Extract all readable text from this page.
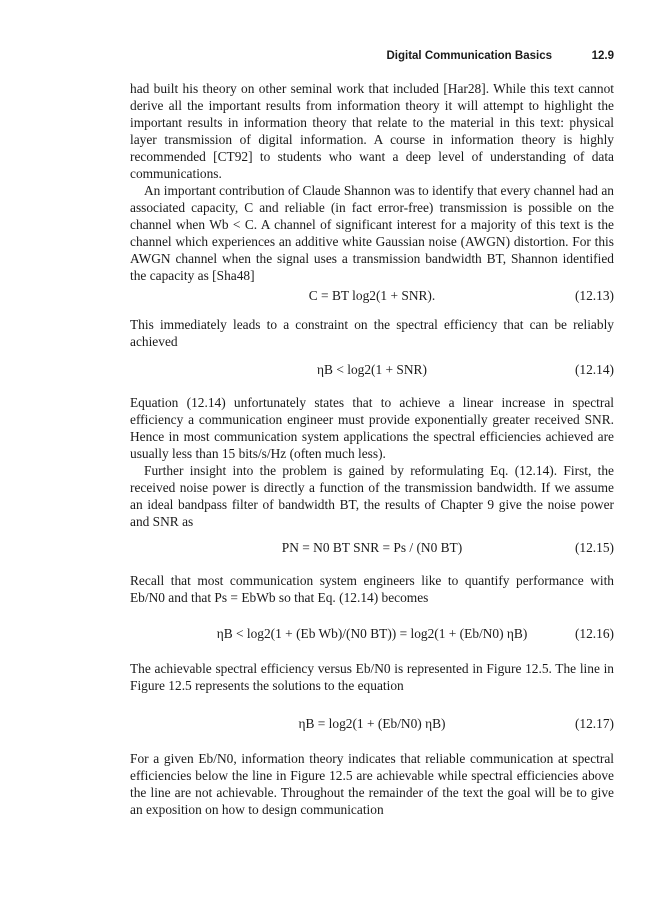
Digital Communication Basics	12.9
had built his theory on other seminal work that included [Har28]. While this text cannot derive all the important results from information theory it will attempt to highlight the important results in information theory that relate to the material in this text: physical layer transmission of digital information. A course in information theory is highly recommended [CT92] to students who want a deep level of understanding of data communications.
An important contribution of Claude Shannon was to identify that every channel had an associated capacity, C and reliable (in fact error-free) transmission is possible on the channel when Wb < C. A channel of significant interest for a majority of this text is the channel which experiences an additive white Gaussian noise (AWGN) distortion. For this AWGN channel when the signal uses a transmission bandwidth BT, Shannon identified the capacity as [Sha48]
C = BT log2(1 + SNR).	(12.13)
This immediately leads to a constraint on the spectral efficiency that can be reliably achieved
ηB < log2(1 + SNR)	(12.14)
Equation (12.14) unfortunately states that to achieve a linear increase in spectral efficiency a communication engineer must provide exponentially greater received SNR. Hence in most communication system applications the spectral efficiencies achieved are usually less than 15 bits/s/Hz (often much less).
Further insight into the problem is gained by reformulating Eq. (12.14). First, the received noise power is directly a function of the transmission bandwidth. If we assume an ideal bandpass filter of bandwidth BT, the results of Chapter 9 give the noise power and SNR as
PN = N0 BT SNR = Ps / (N0 BT)	(12.15)
Recall that most communication system engineers like to quantify performance with Eb/N0 and that Ps = EbWb so that Eq. (12.14) becomes
ηB < log2(1 + (Eb Wb)/(N0 BT)) = log2(1 + (Eb/N0) ηB)	(12.16)
The achievable spectral efficiency versus Eb/N0 is represented in Figure 12.5. The line in Figure 12.5 represents the solutions to the equation
ηB = log2(1 + (Eb/N0) ηB)	(12.17)
For a given Eb/N0, information theory indicates that reliable communication at spectral efficiencies below the line in Figure 12.5 are achievable while spectral efficiencies above the line are not achievable. Throughout the remainder of the text the goal will be to give an exposition on how to design communication
